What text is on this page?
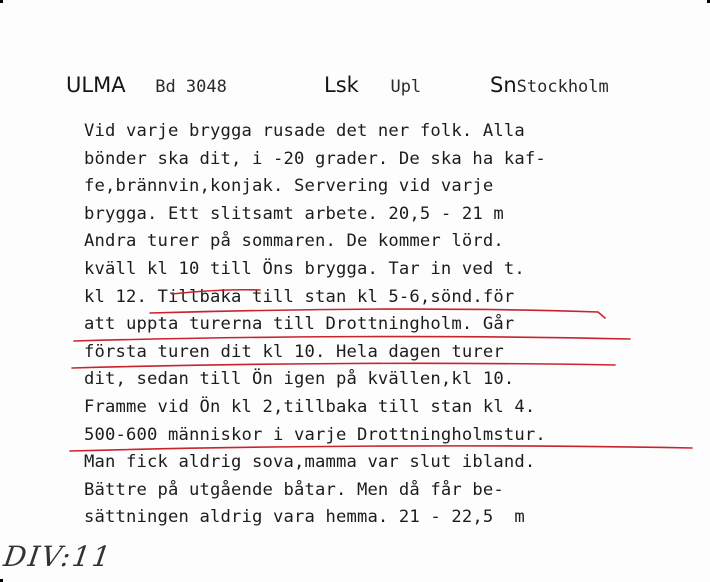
ULMA Bd 3048	Lsk Upl	SnStockholm
Vid varje brygga rusade det ner folk. Alla
bönder ska dit, i -20 grader. De ska ha kaf-
fe,brännvin,konjak. Servering vid varje
brygga. Ett slitsamt arbete. 20,5 - 21 m
Andra turer på sommaren. De kommer lörd.
kväll kl 10 till Öns brygga. Tar in ved t.
kl 12. Tillbaka till stan kl 5-6,sönd.för
att uppta turerna till Drottningholm. Går
första turen dit kl 10. Hela dagen turer
dit, sedan till Ön igen på kvällen,kl 10.
Framme vid Ön kl 2,tillbaka till stan kl 4.
500-600 människor i varje Drottningholmstur.
Man fick aldrig sova,mamma var slut ibland.
Bättre på utgående båtar. Men då får be-
sättningen aldrig vara hemma. 21 - 22,5  m
DIV:11
